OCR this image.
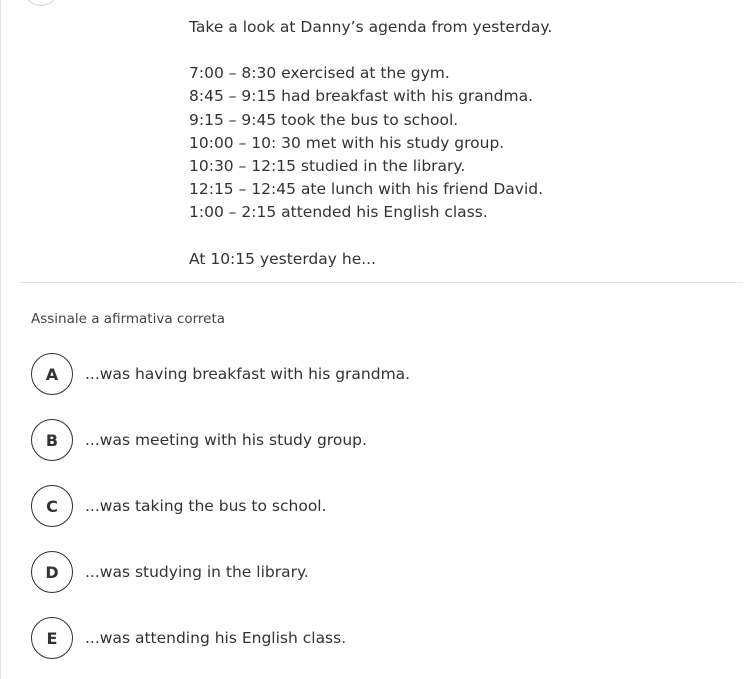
Take a look at Danny’s agenda from yesterday.
7:00 – 8:30 exercised at the gym.
8:45 – 9:15 had breakfast with his grandma.
9:15 – 9:45 took the bus to school.
10:00 – 10: 30 met with his study group.
10:30 – 12:15 studied in the library.
12:15 – 12:45 ate lunch with his friend David.
1:00 – 2:15 attended his English class.
At 10:15 yesterday he...
Assinale a afirmativa correta
A	...was having breakfast with his grandma.
B	...was meeting with his study group.
C	...was taking the bus to school.
D	...was studying in the library.
E	...was attending his English class.
